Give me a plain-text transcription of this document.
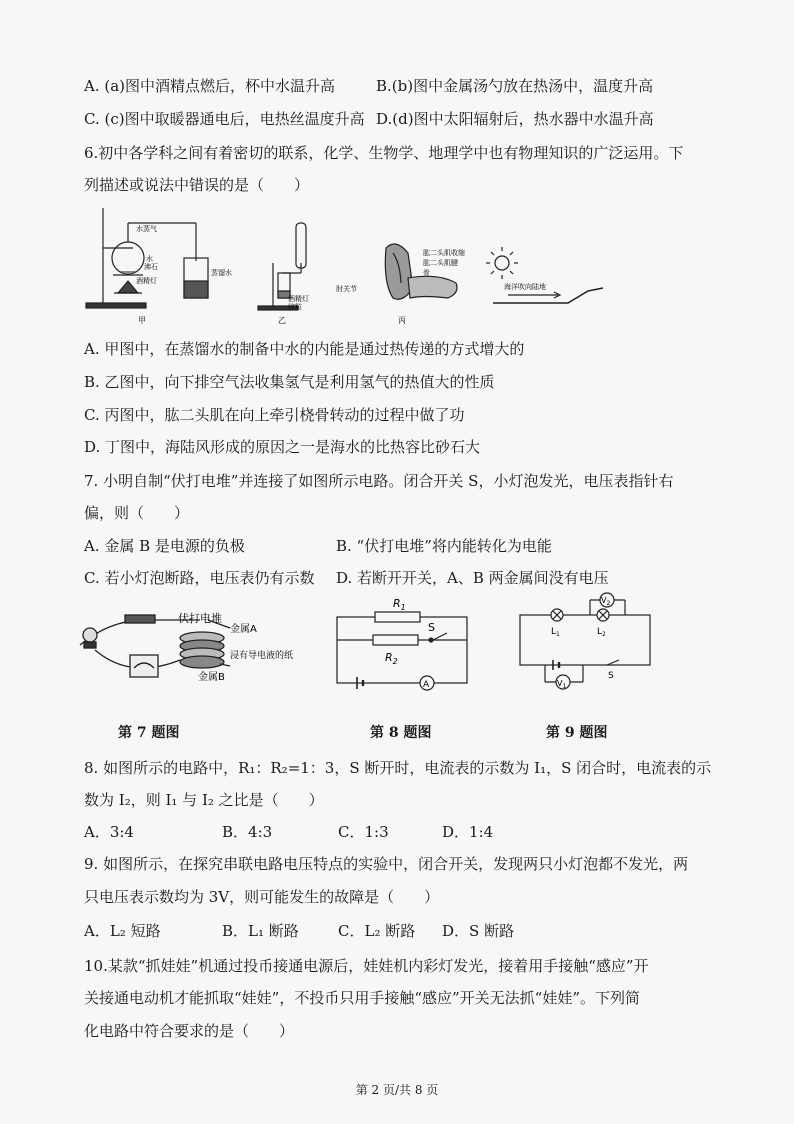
A. (a)图中酒精点燃后，杯中水温升高	B.(b)图中金属汤勺放在热汤中，温度升高
C. (c)图中取暖器通电后，电热丝温度升高 D.(d)图中太阳辐射后，热水器中水温升高
6.初中各学科之间有着密切的联系，化学、生物学、地理学中也有物理知识的广泛运用。下
列描述或说法中错误的是（　　）
水蒸气
水
沸石
酒精灯
蒸馏水
甲
酒精灯
锌粒
乙
肱二头肌收缩
肱二头肌腱
骨
肘关节
丙
海洋吹向陆地
A. 甲图中，在蒸馏水的制备中水的内能是通过热传递的方式增大的
B. 乙图中，向下排空气法收集氢气是利用氢气的热值大的性质
C. 丙图中，肱二头肌在向上牵引桡骨转动的过程中做了功
D. 丁图中，海陆风形成的原因之一是海水的比热容比砂石大
7. 小明自制“伏打电堆”并连接了如图所示电路。闭合开关 S，小灯泡发光，电压表指针右
偏，则（　　）
A. 金属 B 是电源的负极	B. “伏打电堆”将内能转化为电能
C. 若小灯泡断路，电压表仍有示数 D. 若断开开关，A、B 两金属间没有电压
伏打电堆
金属A
浸有导电液的纸
金属B
$R_1$
$R_2$
S
A
$V_2$
$V_1$
$L_1$	$L_2$
S
第 7 题图	第 8 题图	第 9 题图
8. 如图所示的电路中，R₁：R₂=1：3，S 断开时，电流表的示数为 I₁，S 闭合时，电流表的示
数为 I₂，则 I₁ 与 I₂ 之比是（　　）
A．3:4	B．4:3	C．1:3	D．1:4
9. 如图所示，在探究串联电路电压特点的实验中，闭合开关，发现两只小灯泡都不发光，两
只电压表示数均为 3V，则可能发生的故障是（　　）
A．L₂ 短路	B．L₁ 断路	C．L₂ 断路 D．S 断路
10.某款“抓娃娃”机通过投币接通电源后，娃娃机内彩灯发光，接着用手接触“感应”开
关接通电动机才能抓取“娃娃”，不投币只用手接触“感应”开关无法抓“娃娃”。下列简
化电路中符合要求的是（　　）
第 2 页/共 8 页
